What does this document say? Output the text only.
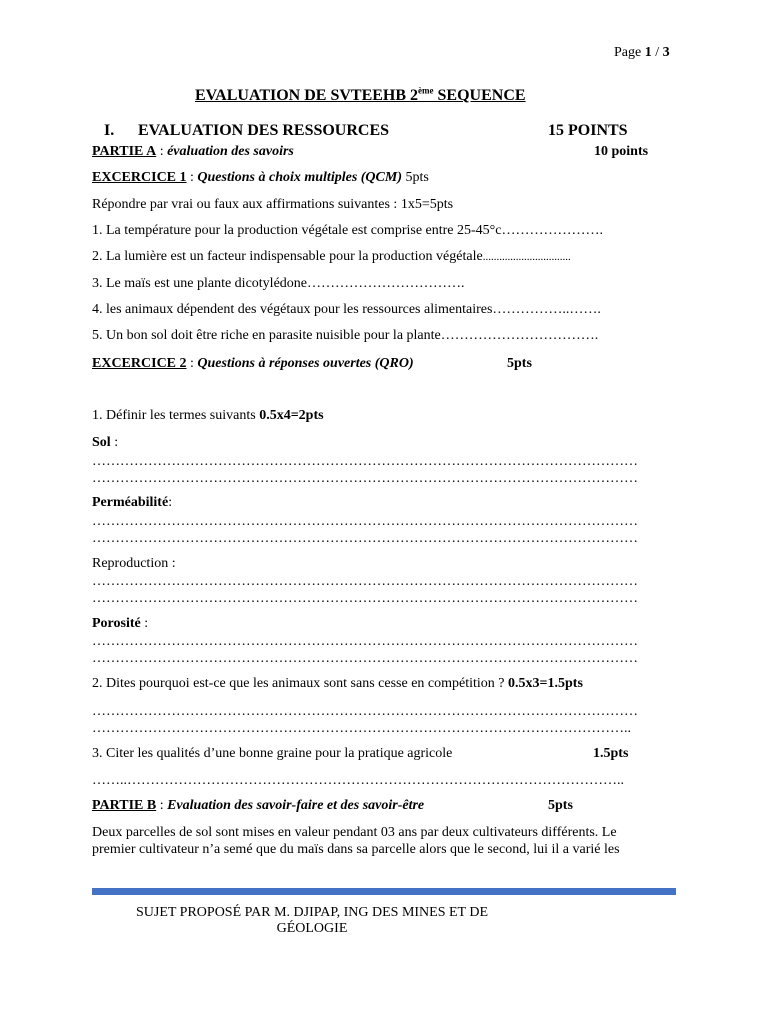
Page 1 / 3
EVALUATION DE SVTEEHB 2ème SEQUENCE
I. EVALUATION DES RESSOURCES	15 POINTS
PARTIE A : évaluation des savoirs	10 points
EXCERCICE 1 : Questions à choix multiples (QCM) 5pts
Répondre par vrai ou faux aux affirmations suivantes : 1x5=5pts
1. La température pour la production végétale est comprise entre 25-45°c………………….
2. La lumière est un facteur indispensable pour la production végétale................................
3. Le maïs est une plante dicotylédone…………………………….
4. les animaux dépendent des végétaux pour les ressources alimentaires……………..…….
5. Un bon sol doit être riche en parasite nuisible pour la plante…………………………….
EXCERCICE 2 : Questions à réponses ouvertes (QRO)	5pts
1. Définir les termes suivants 0.5x4=2pts
Sol :
………………………………………………………………………………………………………
………………………………………………………………………………………………………
Perméabilité:
………………………………………………………………………………………………………
………………………………………………………………………………………………………
Reproduction :
………………………………………………………………………………………………………
………………………………………………………………………………………………………
Porosité :
………………………………………………………………………………………………………
………………………………………………………………………………………………………
2. Dites pourquoi est-ce que les animaux sont sans cesse en compétition ? 0.5x3=1.5pts
………………………………………………………………………………………………………
……………………………………………………………………………………………………..
3. Citer les qualités d’une bonne graine pour la pratique agricole	1.5pts
……..……………………………………………………………………………………………..
PARTIE B : Evaluation des savoir-faire et des savoir-être	5pts
Deux parcelles de sol sont mises en valeur pendant 03 ans par deux cultivateurs différents. Le
premier cultivateur n’a semé que du maïs dans sa parcelle alors que le second, lui il a varié les
SUJET PROPOSÉ PAR M. DJIPAP, ING DES MINES ET DE
GÉOLOGIE
